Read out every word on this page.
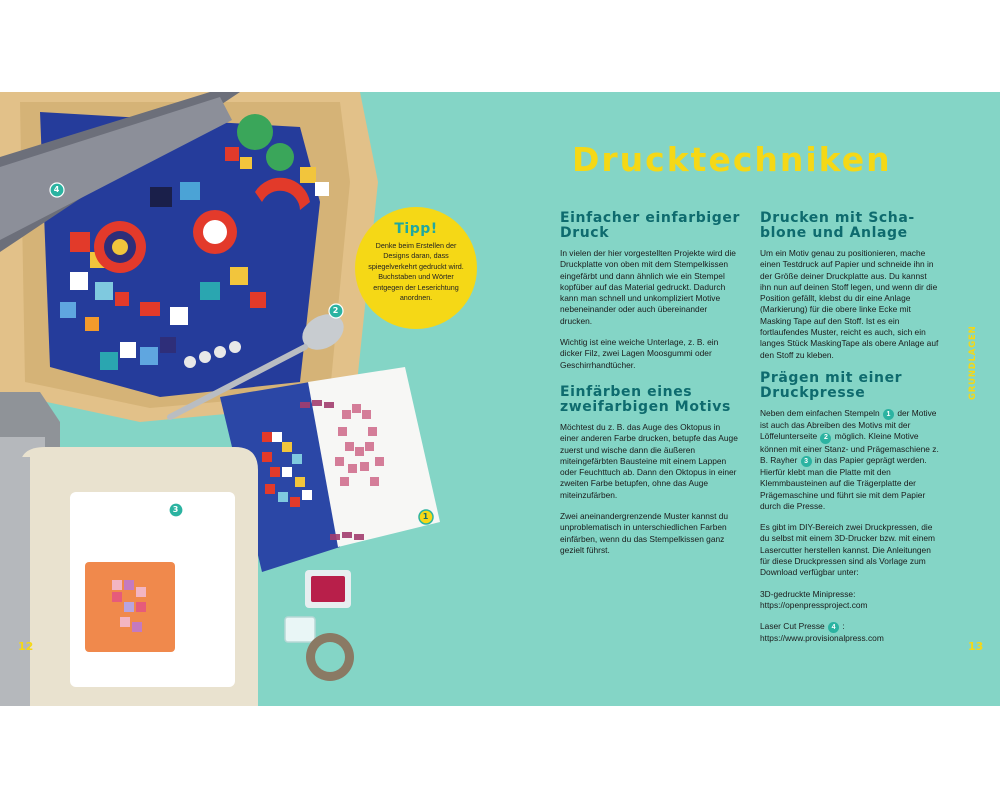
4
2
3
1
Tipp!
Denke beim Erstellen der Designs daran, dass spiegelverkehrt gedruckt wird. Buchstaben und Wörter entgegen der Leserichtung anordnen.
12
Drucktechniken
Einfacher einfarbiger Druck

In vielen der hier vorgestellten Projekte wird die Druckplatte von oben mit dem Stempelkissen eingefärbt und dann ähnlich wie ein Stempel kopfüber auf das Material gedruckt. Dadurch kann man schnell und unkompliziert Motive nebeneinander oder auch übereinander drucken.

Wichtig ist eine weiche Unterlage, z. B. ein dicker Filz, zwei Lagen Moosgummi oder Geschirrhandtücher.

Einfärben eines zweifarbigen Motivs

Möchtest du z. B. das Auge des Oktopus in einer anderen Farbe drucken, betupfe das Auge zuerst und wische dann die äußeren miteingefärbten Bausteine mit einem Lappen oder Feuchttuch ab. Dann den Oktopus in einer zweiten Farbe betupfen, ohne das Auge miteinzufärben.

Zwei aneinandergrenzende Muster kannst du unproblematisch in unterschiedlichen Farben einfärben, wenn du das Stempelkissen ganz gezielt führst.

Drucken mit Schablone und Anlage

Um ein Motiv genau zu positionieren, mache einen Testdruck auf Papier und schneide ihn in der Größe deiner Druckplatte aus. Du kannst ihn nun auf deinen Stoff legen, und wenn dir die Position gefällt, klebst du dir eine Anlage (Markierung) für die obere linke Ecke mit Masking Tape auf den Stoff. Ist es ein fortlaufendes Muster, reicht es auch, sich ein langes Stück MaskingTape als obere Anlage auf den Stoff zu kleben.

Prägen mit einer Druckpresse

Neben dem einfachen Stempeln 1 der Motive ist auch das Abreiben des Motivs mit der Löffelunterseite 2 möglich. Kleine Motive können mit einer Stanz- und Prägemaschiene z. B. Rayher 3 in das Papier geprägt werden. Hierfür klebt man die Platte mit den Klemmbausteinen auf die Trägerplatte der Prägemaschine und führt sie mit dem Papier durch die Presse.

Es gibt im DIY-Bereich zwei Druckpressen, die du selbst mit einem 3D-Drucker bzw. mit einem Lasercutter herstellen kannst. Die Anleitungen für diese Druckpressen sind als Vorlage zum Download verfügbar unter:

3D-gedruckte Minipresse:
https://openpressproject.com

Laser Cut Presse 4 :
https://www.provisionalpress.com

GRUNDLAGEN
13
